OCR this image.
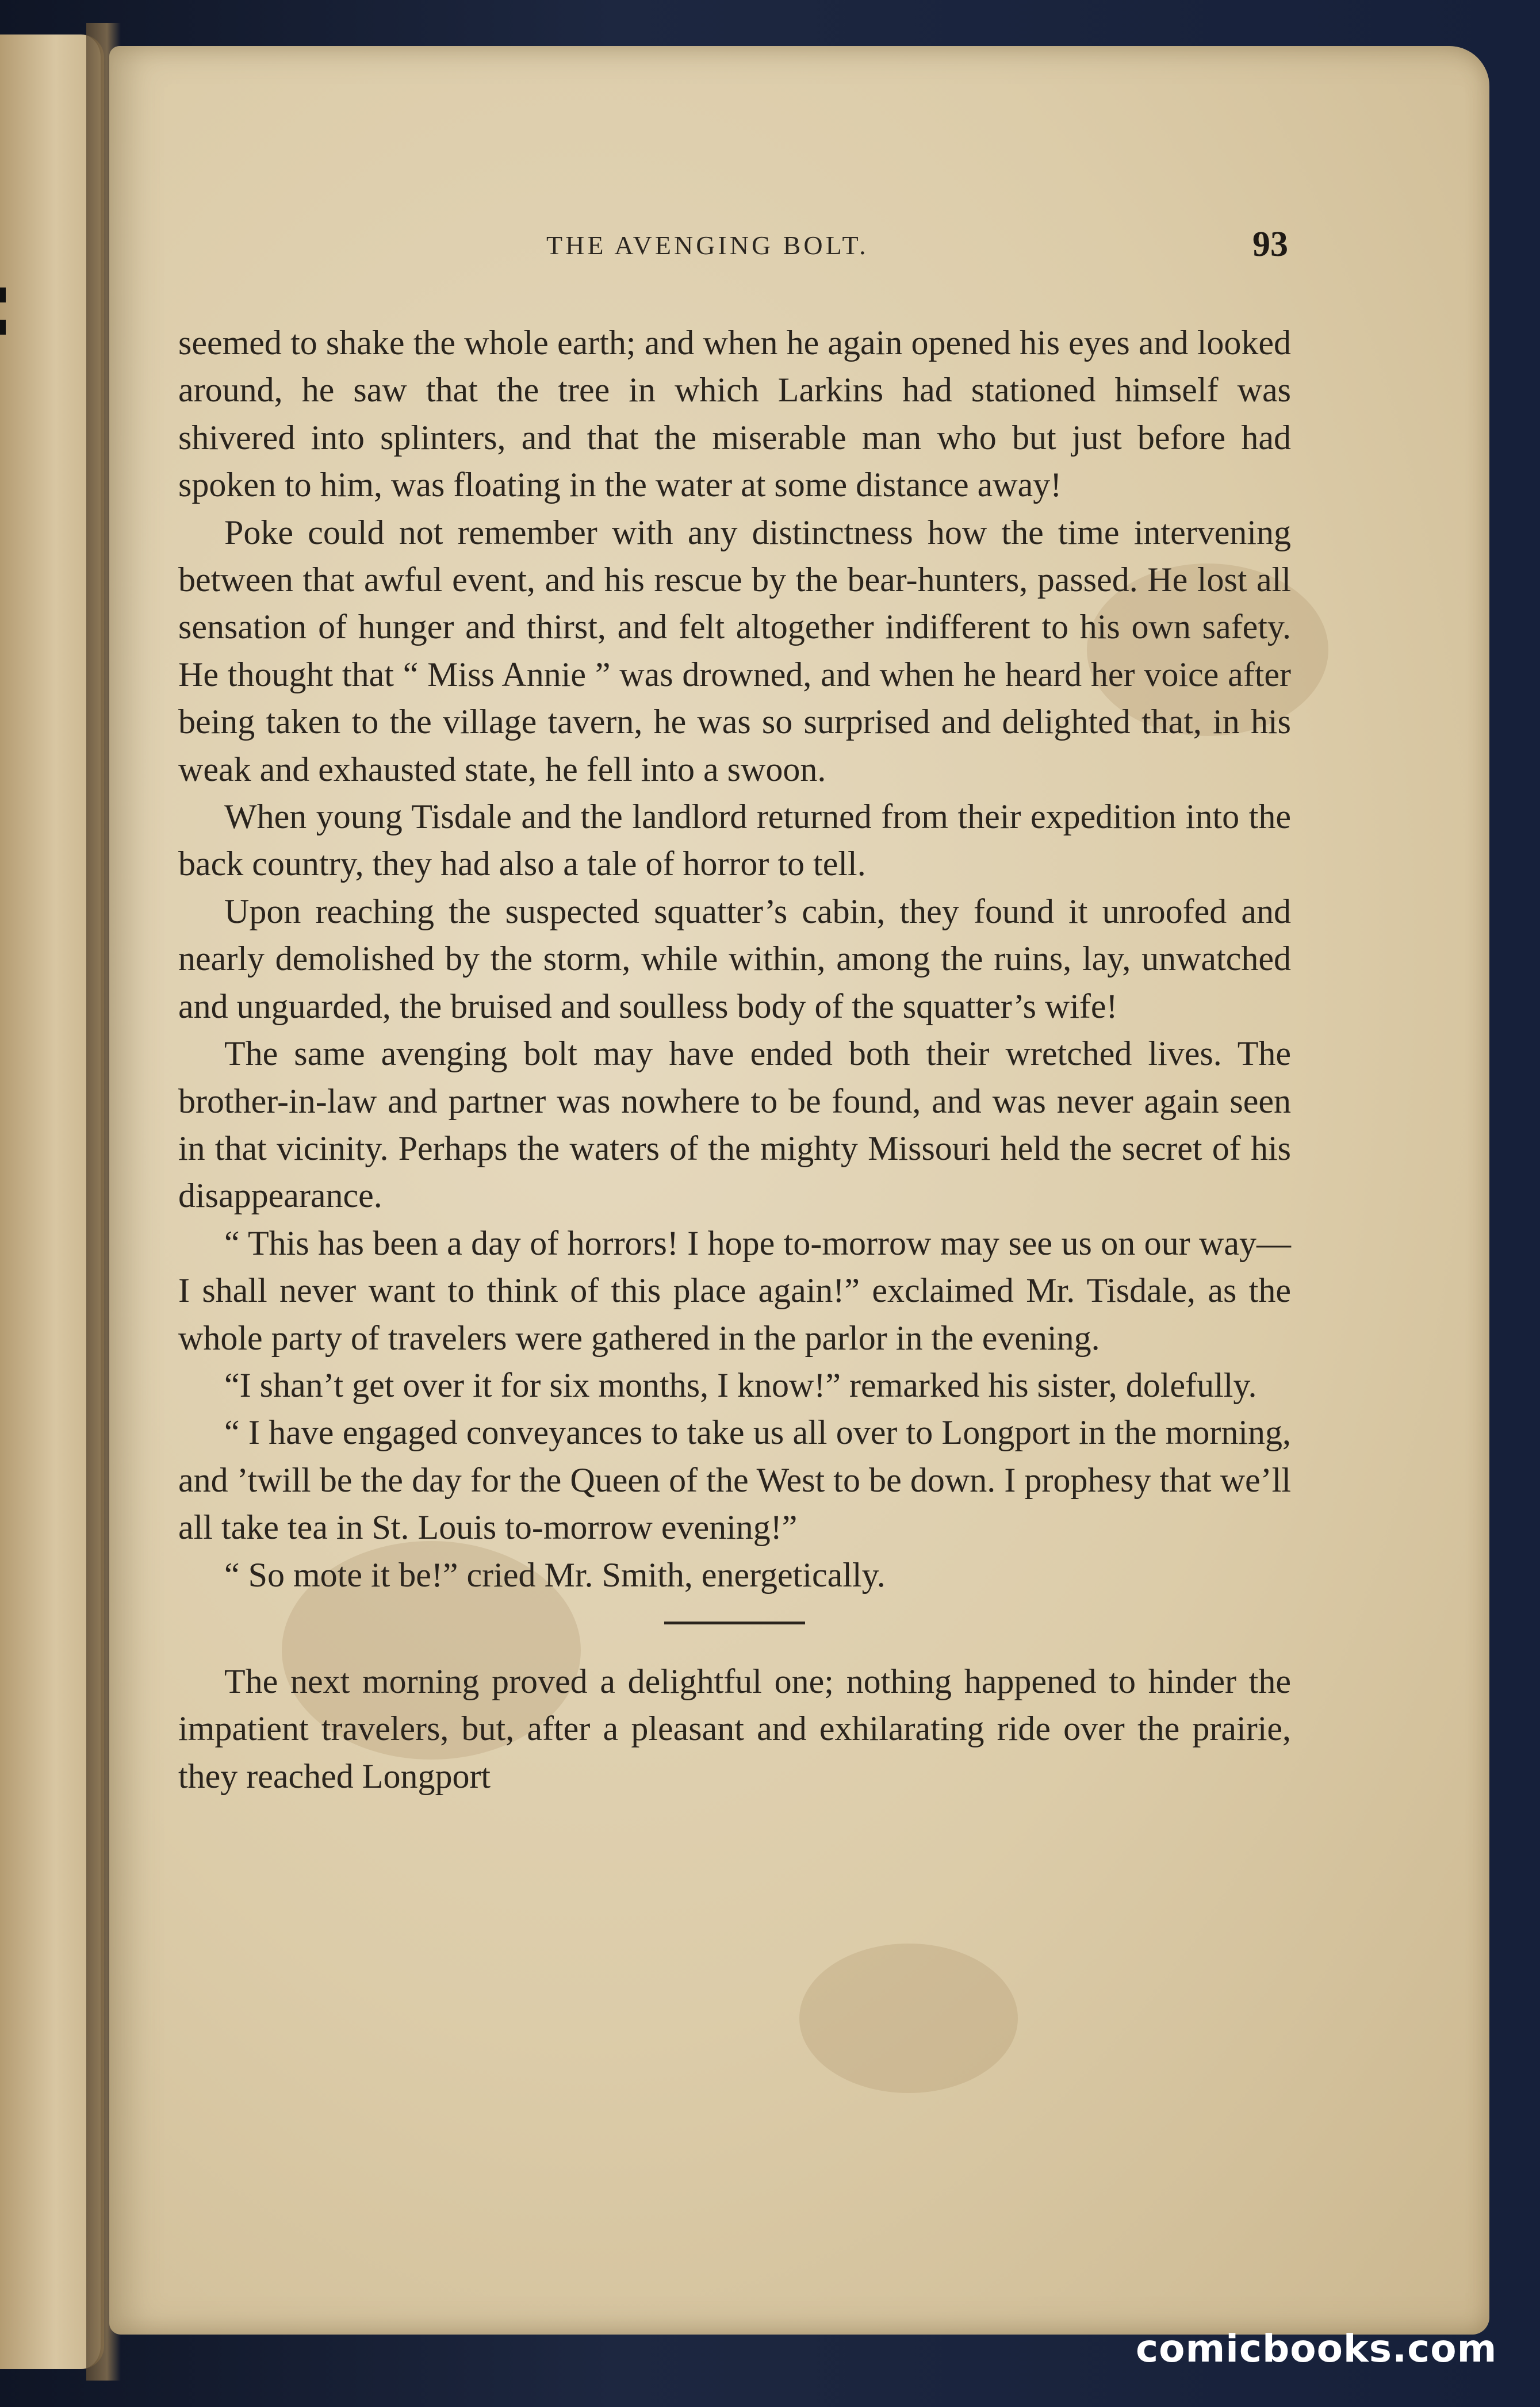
THE AVENGING BOLT.	93

seemed to shake the whole earth; and when he again opened his eyes and looked around, he saw that the tree in which Larkins had stationed himself was shivered into splinters, and that the miserable man who but just before had spoken to him, was floating in the water at some distance away!

Poke could not remember with any distinctness how the time intervening between that awful event, and his rescue by the bear-hunters, passed. He lost all sensation of hunger and thirst, and felt altogether indifferent to his own safety. He thought that “ Miss Annie ” was drowned, and when he heard her voice after being taken to the village tavern, he was so surprised and delighted that, in his weak and exhausted state, he fell into a swoon.

When young Tisdale and the landlord returned from their expedition into the back country, they had also a tale of horror to tell.

Upon reaching the suspected squatter’s cabin, they found it unroofed and nearly demolished by the storm, while within, among the ruins, lay, unwatched and unguarded, the bruised and soulless body of the squatter’s wife!

The same avenging bolt may have ended both their wretched lives. The brother-in-law and partner was nowhere to be found, and was never again seen in that vicinity. Perhaps the waters of the mighty Missouri held the secret of his disappearance.

“ This has been a day of horrors! I hope to-morrow may see us on our way—I shall never want to think of this place again!” exclaimed Mr. Tisdale, as the whole party of travelers were gathered in the parlor in the evening.

“I shan’t get over it for six months, I know!” remarked his sister, dolefully.

“ I have engaged conveyances to take us all over to Longport in the morning, and ’twill be the day for the Queen of the West to be down. I prophesy that we’ll all take tea in St. Louis to-morrow evening!”

“ So mote it be!” cried Mr. Smith, energetically.

The next morning proved a delightful one; nothing happened to hinder the impatient travelers, but, after a pleasant and exhilarating ride over the prairie, they reached Longport

comicbooks.com
